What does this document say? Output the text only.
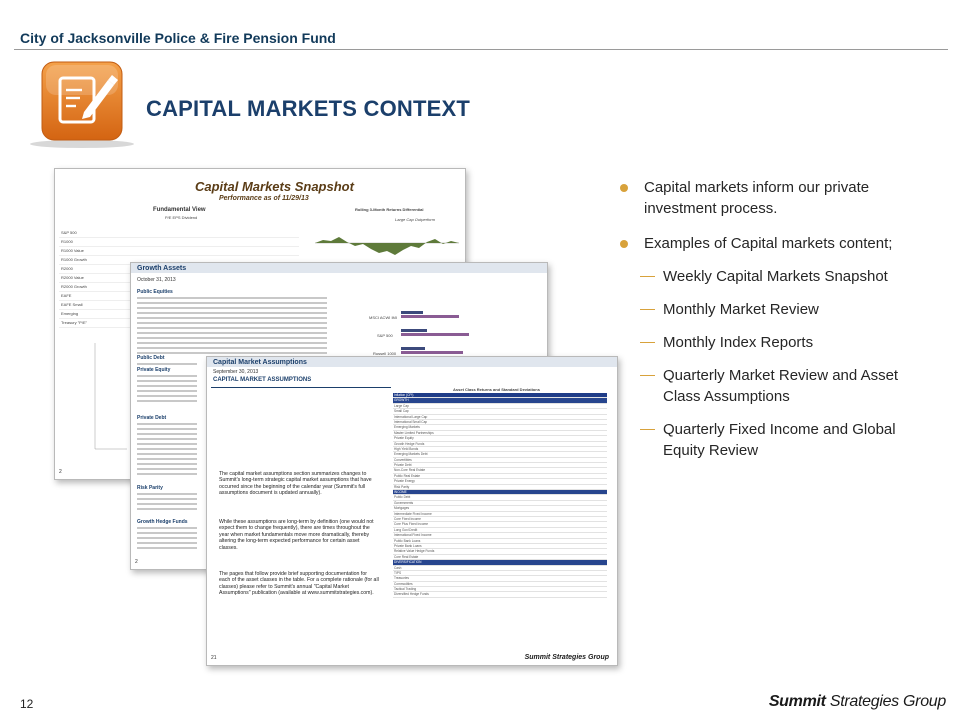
City of Jacksonville Police & Fire Pension Fund
CAPITAL MARKETS CONTEXT
Capital Markets Snapshot
Performance as of 11/29/13
Fundamental View
P/E EPS Dividend
S&P 500
R1000
R1000 Value
R1000 Growth
R2000
R2000 Value
R2000 Growth
EAFE
EAFE Small
Emerging
Treasury "P/E"
Rolling 3-Month Returns Differential
Large Cap Outperform
2
Growth Assets
October 31, 2013
Public Equities
Public Debt
Private Equity
Private Debt
Risk Parity
Growth Hedge Funds
MSCI ACWI IMI
S&P 500
Russell 1000
2
Capital Market Assumptions
September 30, 2013
CAPITAL MARKET ASSUMPTIONS
The capital market assumptions section summarizes changes to Summit's long-term strategic capital market assumptions that have occurred since the beginning of the calendar year (Summit's full assumptions document is updated annually).
While these assumptions are long-term by definition (one would not expect them to change frequently), there are times throughout the year when market fundamentals move more dramatically, thereby altering the long-term expected performance for certain asset classes.
The pages that follow provide brief supporting documentation for each of the asset classes in the table. For a complete rationale (for all classes) please refer to Summit's annual "Capital Market Assumptions" publication (available at www.summitstrategies.com).
Asset Class Returns and Standard Deviations
Inflation (CPI)
GROWTH
Large Cap
Small Cap
International Large Cap
International Small Cap
Emerging Markets
Master Limited Partnerships
Private Equity
Growth Hedge Funds
High Yield Bonds
Emerging Markets Debt
Convertibles
Private Debt
Non-Core Real Estate
Public Real Estate
Private Energy
Risk Parity
INCOME
Public Debt
Governments
Mortgages
Intermediate Fixed Income
Core Fixed Income
Core Plus Fixed Income
Long Gov/Credit
International Fixed Income
Public Bank Loans
Private Bank Loans
Relative Value Hedge Funds
Core Real Estate
DIVERSIFICATION
Cash
TIPS
Treasuries
Commodities
Tactical Trading
Diversified Hedge Funds
21	Summit Strategies Group
Capital markets inform our private investment process.
Examples of Capital markets content;
Weekly Capital Markets Snapshot
Monthly Market Review
Monthly Index Reports
Quarterly Market Review and Asset Class Assumptions
Quarterly Fixed Income and Global Equity Review
12	Summit Strategies Group
